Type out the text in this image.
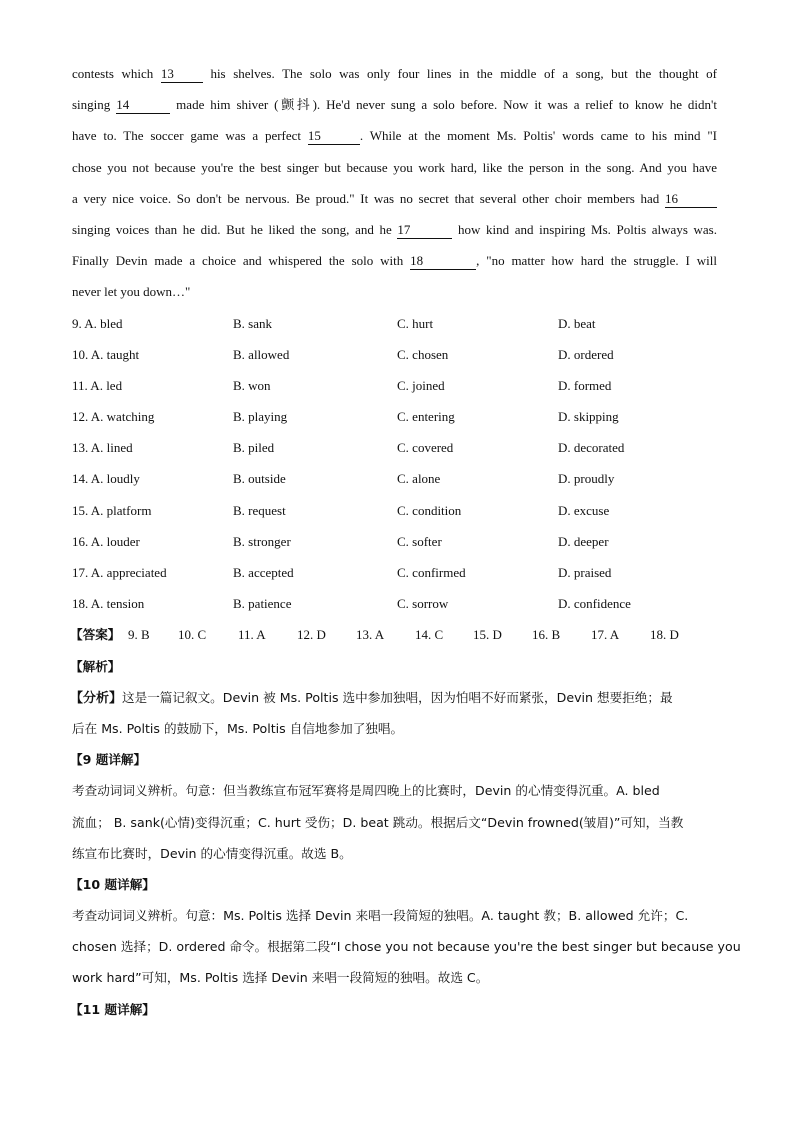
contests which 13 his shelves. The solo was only four lines in the middle of a song, but the thought of
singing 14	made him shiver (颤抖). He'd never sung a solo before. Now it was a relief to know he didn't
have to. The soccer game was a perfect 15	. While at the moment Ms. Poltis' words came to his mind "I
chose you not because you're the best singer but because you work hard, like the person in the song. And you have
a very nice voice. So don't be nervous. Be proud." It was no secret that several other choir members had 16
singing voices than he did. But he liked the song, and he 17	how kind and inspiring Ms. Poltis always was.
Finally Devin made a choice and whispered the solo with 18	, "no matter how hard the struggle. I will
never let you down…"
9. A. bled	B. sank	C. hurt	D. beat
10. A. taught	B. allowed	C. chosen	D. ordered
11. A. led	B. won	C. joined	D. formed
12. A. watching	B. playing	C. entering	D. skipping
13. A. lined	B. piled	C. covered	D. decorated
14. A. loudly	B. outside	C. alone	D. proudly
15. A. platform	B. request	C. condition	D. excuse
16. A. louder	B. stronger	C. softer	D. deeper
17. A. appreciated	B. accepted	C. confirmed	D. praised
18. A. tension	B. patience	C. sorrow	D. confidence
【答案】 9. B 10. C 11. A 12. D 13. A 14. C 15. D 16. B 17. A 18. D
【解析】
【分析】这是一篇记叙文。Devin 被 Ms. Poltis 选中参加独唱，因为怕唱不好而紧张，Devin 想要拒绝；最
后在 Ms. Poltis 的鼓励下，Ms. Poltis 自信地参加了独唱。
【9 题详解】
考查动词词义辨析。句意：但当教练宣布冠军赛将是周四晚上的比赛时，Devin 的心情变得沉重。A. bled
流血； B. sank(心情)变得沉重；C. hurt 受伤；D. beat 跳动。根据后文“Devin frowned(皱眉)”可知，当教
练宣布比赛时，Devin 的心情变得沉重。故选 B。
【10 题详解】
考查动词词义辨析。句意：Ms. Poltis 选择 Devin 来唱一段简短的独唱。A. taught 教；B. allowed 允许；C.
chosen 选择；D. ordered 命令。根据第二段“I chose you not because you're the best singer but because you
work hard”可知，Ms. Poltis 选择 Devin 来唱一段简短的独唱。故选 C。
【11 题详解】
